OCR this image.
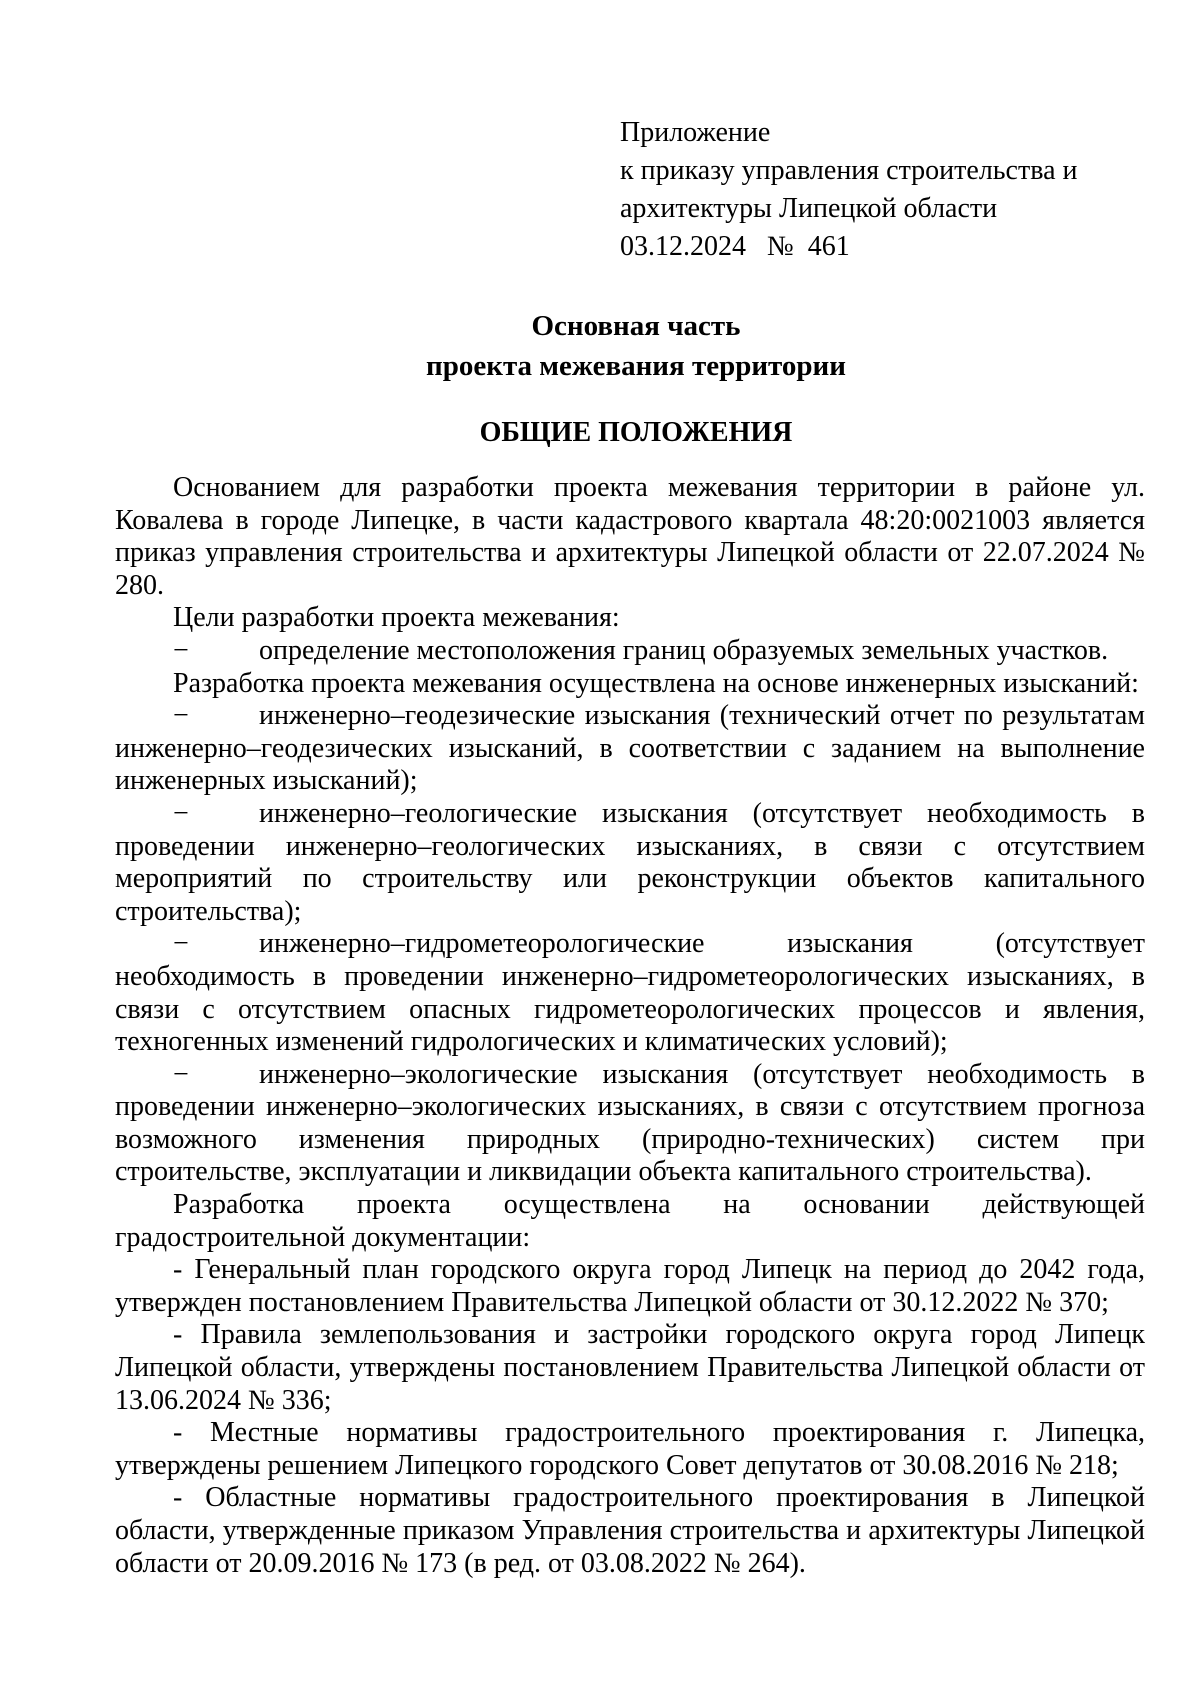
Приложение
к приказу управления строительства и
архитектуры Липецкой области
03.12.2024   №  461
Основная часть
проекта межевания территории
ОБЩИЕ ПОЛОЖЕНИЯ

Основанием для разработки проекта межевания территории в районе ул. Ковалева в городе Липецке, в части кадастрового квартала 48:20:0021003 является приказ управления строительства и архитектуры Липецкой области от 22.07.2024 № 280.

Цели разработки проекта межевания:

−	определение местоположения границ образуемых земельных участков.

Разработка проекта межевания осуществлена на основе инженерных изысканий:

−	инженерно–геодезические изыскания (технический отчет по результатам инженерно–геодезических изысканий, в соответствии с заданием на выполнение инженерных изысканий);

−	инженерно–геологические изыскания (отсутствует необходимость в проведении инженерно–геологических изысканиях, в связи с отсутствием мероприятий по строительству или реконструкции объектов капитального строительства);

−	инженерно–гидрометеорологические изыскания (отсутствует необходимость в проведении инженерно–гидрометеорологических изысканиях, в связи с отсутствием опасных гидрометеорологических процессов и явления, техногенных изменений гидрологических и климатических условий);

−	инженерно–экологические изыскания (отсутствует необходимость в проведении инженерно–экологических изысканиях, в связи с отсутствием прогноза возможного изменения природных (природно-технических) систем при строительстве, эксплуатации и ликвидации объекта капитального строительства).

Разработка проекта осуществлена на основании действующей градостроительной документации:

- Генеральный план городского округа город Липецк на период до 2042 года, утвержден постановлением Правительства Липецкой области от 30.12.2022 № 370;

- Правила землепользования и застройки городского округа город Липецк Липецкой области, утверждены постановлением Правительства Липецкой области от 13.06.2024 № 336;

- Местные нормативы градостроительного проектирования г. Липецка, утверждены решением Липецкого городского Совет депутатов от 30.08.2016 № 218;

- Областные нормативы градостроительного проектирования в Липецкой области, утвержденные приказом Управления строительства и архитектуры Липецкой области от 20.09.2016 № 173 (в ред. от 03.08.2022 № 264).
